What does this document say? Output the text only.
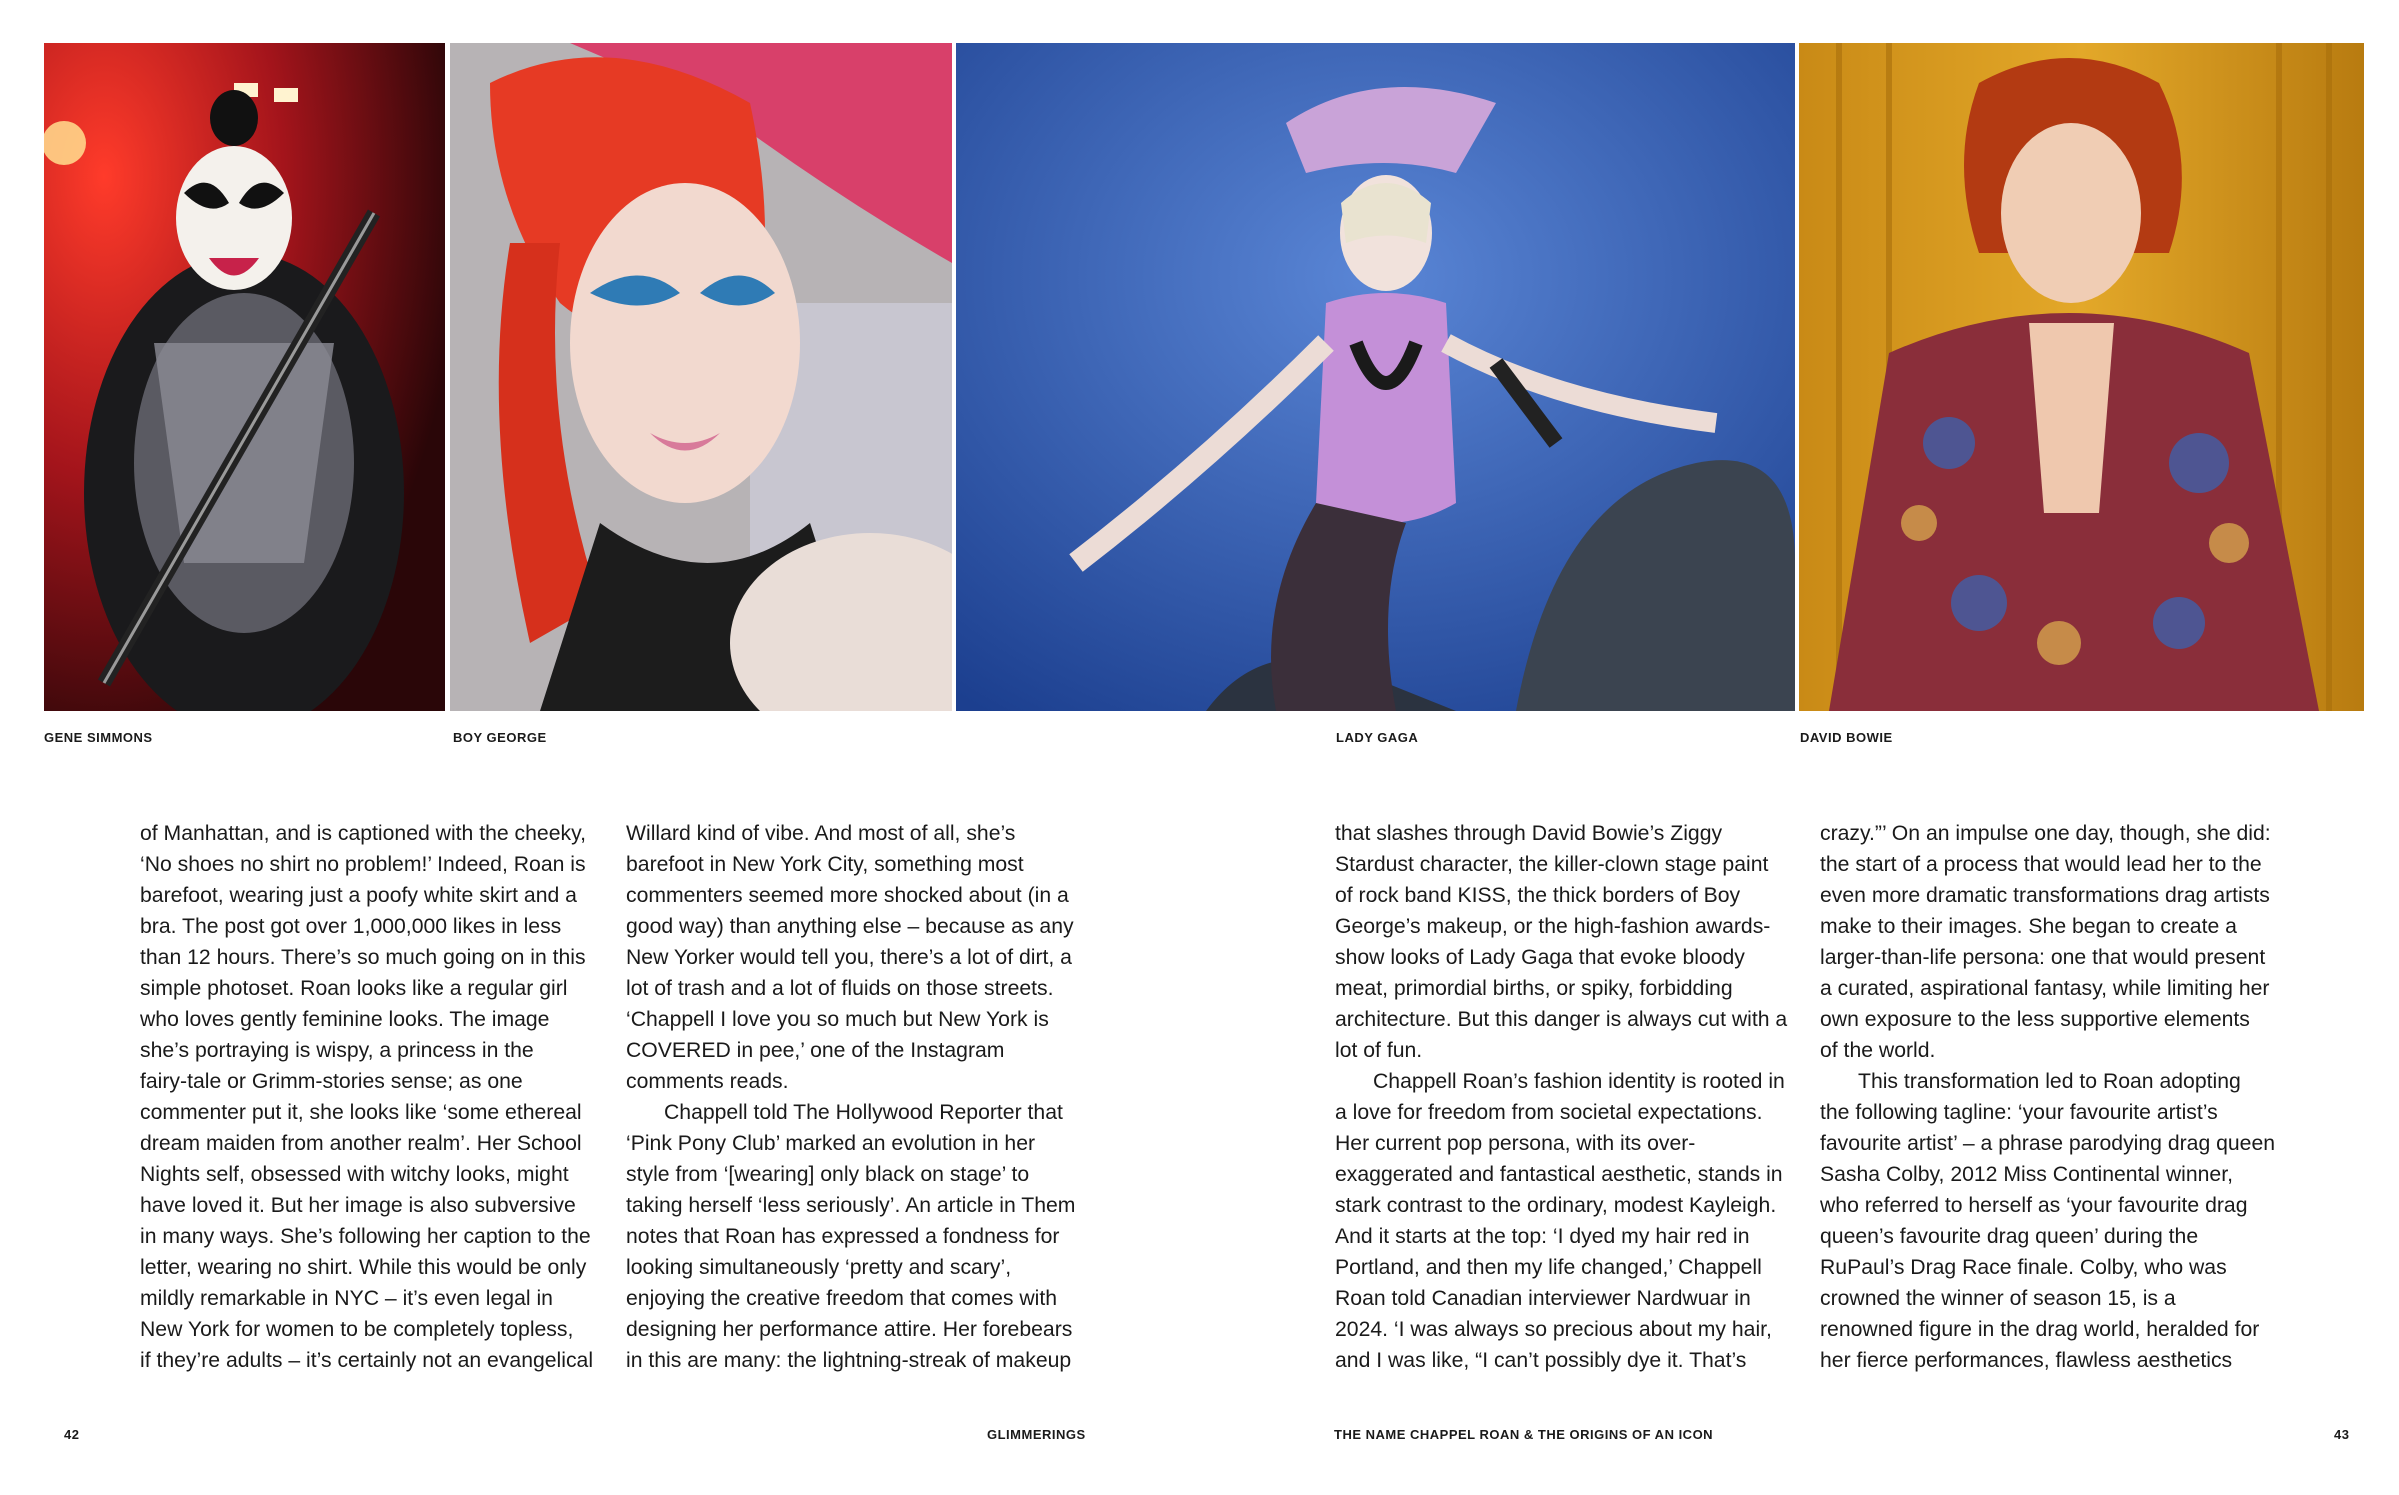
GENE SIMMONS	BOY GEORGE	LADY GAGA	DAVID BOWIE
of Manhattan, and is captioned with the cheeky,
‘No shoes no shirt no problem!’ Indeed, Roan is
barefoot, wearing just a poofy white skirt and a
bra. The post got over 1,000,000 likes in less
than 12 hours. There’s so much going on in this
simple photoset. Roan looks like a regular girl
who loves gently feminine looks. The image
she’s portraying is wispy, a princess in the
fairy-tale or Grimm-stories sense; as one
commenter put it, she looks like ‘some ethereal
dream maiden from another realm’. Her School
Nights self, obsessed with witchy looks, might
have loved it. But her image is also subversive
in many ways. She’s following her caption to the
letter, wearing no shirt. While this would be only
mildly remarkable in NYC – it’s even legal in
New York for women to be completely topless,
if they’re adults – it’s certainly not an evangelical
Willard kind of vibe. And most of all, she’s
barefoot in New York City, something most
commenters seemed more shocked about (in a
good way) than anything else – because as any
New Yorker would tell you, there’s a lot of dirt, a
lot of trash and a lot of fluids on those streets.
‘Chappell I love you so much but New York is
COVERED in pee,’ one of the Instagram
comments reads.
Chappell told The Hollywood Reporter that
‘Pink Pony Club’ marked an evolution in her
style from ‘[wearing] only black on stage’ to
taking herself ‘less seriously’. An article in Them
notes that Roan has expressed a fondness for
looking simultaneously ‘pretty and scary’,
enjoying the creative freedom that comes with
designing her performance attire. Her forebears
in this are many: the lightning-streak of makeup
that slashes through David Bowie’s Ziggy
Stardust character, the killer-clown stage paint
of rock band KISS, the thick borders of Boy
George’s makeup, or the high-fashion awards-
show looks of Lady Gaga that evoke bloody
meat, primordial births, or spiky, forbidding
architecture. But this danger is always cut with a
lot of fun.
Chappell Roan’s fashion identity is rooted in
a love for freedom from societal expectations.
Her current pop persona, with its over-
exaggerated and fantastical aesthetic, stands in
stark contrast to the ordinary, modest Kayleigh.
And it starts at the top: ‘I dyed my hair red in
Portland, and then my life changed,’ Chappell
Roan told Canadian interviewer Nardwuar in
2024. ‘I was always so precious about my hair,
and I was like, “I can’t possibly dye it. That’s
crazy.”’ On an impulse one day, though, she did:
the start of a process that would lead her to the
even more dramatic transformations drag artists
make to their images. She began to create a
larger-than-life persona: one that would present
a curated, aspirational fantasy, while limiting her
own exposure to the less supportive elements
of the world.
This transformation led to Roan adopting
the following tagline: ‘your favourite artist’s
favourite artist’ – a phrase parodying drag queen
Sasha Colby, 2012 Miss Continental winner,
who referred to herself as ‘your favourite drag
queen’s favourite drag queen’ during the
RuPaul’s Drag Race finale. Colby, who was
crowned the winner of season 15, is a
renowned figure in the drag world, heralded for
her fierce performances, flawless aesthetics
42	GLIMMERINGS	THE NAME CHAPPEL ROAN & THE ORIGINS OF AN ICON	43
